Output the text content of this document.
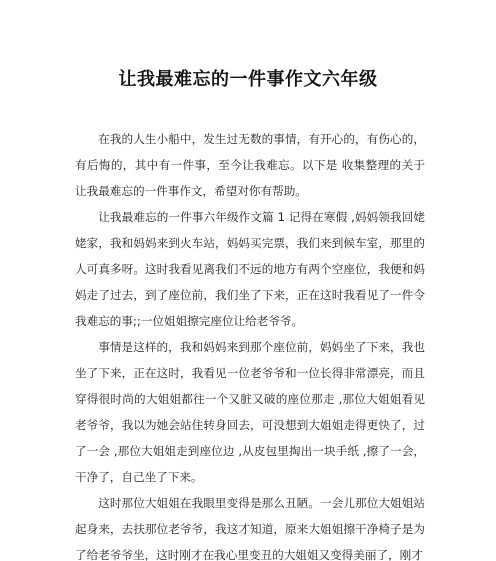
让我最难忘的一件事作文六年级

在我的人生小船中，发生过无数的事情，有开心的，有伤心的，有后悔的，其中有一件事，至今让我难忘。以下是 收集整理的关于让我最难忘的一件事作文，希望对你有帮助。

让我最难忘的一件事六年级作文篇 1 记得在寒假 ,妈妈领我回姥姥家，我和妈妈来到火车站，妈妈买完票，我们来到候车室，那里的人可真多呀。这时我看见离我们不远的地方有两个空座位，我便和妈妈走了过去，到了座位前，我们坐了下来，正在这时我看见了一件令我难忘的事;;一位姐姐擦完座位让给老爷爷。

事情是这样的，我和妈妈来到那个座位前，妈妈坐了下来，我也坐了下来，正在这时，我看见一位老爷爷和一位长得非常漂亮，而且穿得很时尚的大姐姐都往一个又脏又破的座位那走 ,那位大姐姐看见老爷爷，我以为她会站住转身回去，可没想到大姐姐走得更快了，过了一会 ,那位大姐姐走到座位边 ,从皮包里掏出一块手纸 ,擦了一会，干净了，自己坐了下来。

这时那位大姐姐在我眼里变得是那么丑陋。一会儿那位大姐姐站起身来，去扶那位老爷爷，我这才知道，原来大姐姐擦干净椅子是为了给老爷爷坐，这时刚才在我心里变丑的大姐姐又变得美丽了，刚才
